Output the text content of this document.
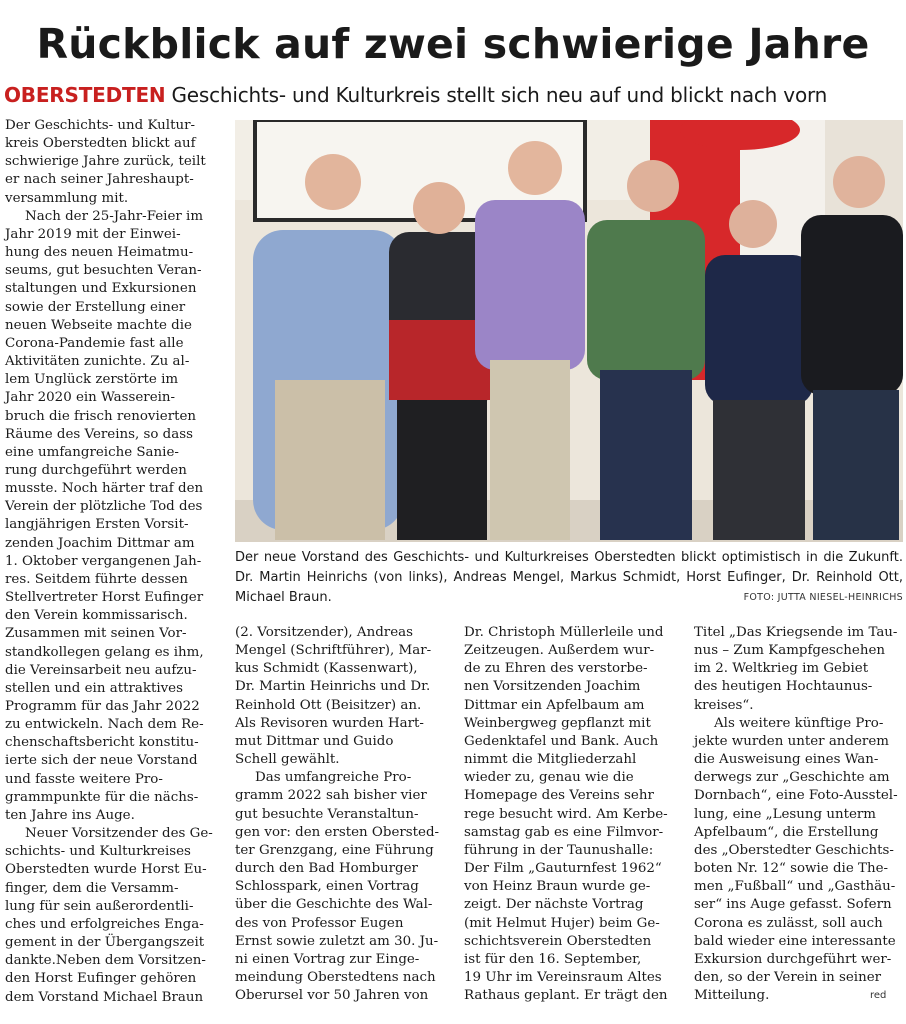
Rückblick auf zwei schwierige Jahre
OBERSTEDTEN Geschichts- und Kulturkreis stellt sich neu auf und blickt nach vorn

Der Geschichts- und Kultur-
kreis Oberstedten blickt auf
schwierige Jahre zurück, teilt
er nach seiner Jahreshaupt-
versammlung mit.

Nach der 25-Jahr-Feier im
Jahr 2019 mit der Einwei-
hung des neuen Heimatmu-
seums, gut besuchten Veran-
staltungen und Exkursionen
sowie der Erstellung einer
neuen Webseite machte die
Corona-Pandemie fast alle
Aktivitäten zunichte. Zu al-
lem Unglück zerstörte im
Jahr 2020 ein Wasserein-
bruch die frisch renovierten
Räume des Vereins, so dass
eine umfangreiche Sanie-
rung durchgeführt werden
musste. Noch härter traf den
Verein der plötzliche Tod des
langjährigen Ersten Vorsit-
zenden Joachim Dittmar am
1. Oktober vergangenen Jah-
res. Seitdem führte dessen
Stellvertreter Horst Eufinger
den Verein kommissarisch.
Zusammen mit seinen Vor-
standkollegen gelang es ihm,
die Vereinsarbeit neu aufzu-
stellen und ein attraktives
Programm für das Jahr 2022
zu entwickeln. Nach dem Re-
chenschaftsbericht konstitu-
ierte sich der neue Vorstand
und fasste weitere Pro-
grammpunkte für die nächs-
ten Jahre ins Auge.

Neuer Vorsitzender des Ge-
schichts- und Kulturkreises
Oberstedten wurde Horst Eu-
finger, dem die Versamm-
lung für sein außerordentli-
ches und erfolgreiches Enga-
gement in der Übergangszeit
dankte.Neben dem Vorsitzen-
den Horst Eufinger gehören
dem Vorstand Michael Braun

Der neue Vorstand des Geschichts- und Kulturkreises Oberstedten blickt optimistisch in die Zukunft. Dr. Martin Heinrichs (von links), Andreas Mengel, Markus Schmidt, Horst Eufinger, Dr. Reinhold Ott, Michael Braun.	FOTO: JUTTA NIESEL-HEINRICHS

(2. Vorsitzender), Andreas
Mengel (Schriftführer), Mar-
kus Schmidt (Kassenwart),
Dr. Martin Heinrichs und Dr.
Reinhold Ott (Beisitzer) an.
Als Revisoren wurden Hart-
mut Dittmar und Guido
Schell gewählt.

Das umfangreiche Pro-
gramm 2022 sah bisher vier
gut besuchte Veranstaltun-
gen vor: den ersten Obersted-
ter Grenzgang, eine Führung
durch den Bad Homburger
Schlosspark, einen Vortrag
über die Geschichte des Wal-
des von Professor Eugen
Ernst sowie zuletzt am 30. Ju-
ni einen Vortrag zur Einge-
meindung Oberstedtens nach
Oberursel vor 50 Jahren von

Dr. Christoph Müllerleile und
Zeitzeugen. Außerdem wur-
de zu Ehren des verstorbe-
nen Vorsitzenden Joachim
Dittmar ein Apfelbaum am
Weinbergweg gepflanzt mit
Gedenktafel und Bank. Auch
nimmt die Mitgliederzahl
wieder zu, genau wie die
Homepage des Vereins sehr
rege besucht wird. Am Kerbe-
samstag gab es eine Filmvor-
führung in der Taunushalle:
Der Film „Gauturnfest 1962“
von Heinz Braun wurde ge-
zeigt. Der nächste Vortrag
(mit Helmut Hujer) beim Ge-
schichtsverein Oberstedten
ist für den 16. September,
19 Uhr im Vereinsraum Altes
Rathaus geplant. Er trägt den

Titel „Das Kriegsende im Tau-
nus – Zum Kampfgeschehen
im 2. Weltkrieg im Gebiet
des heutigen Hochtaunus-
kreises“.

Als weitere künftige Pro-
jekte wurden unter anderem
die Ausweisung eines Wan-
derwegs zur „Geschichte am
Dornbach“, eine Foto-Ausstel-
lung, eine „Lesung unterm
Apfelbaum“, die Erstellung
des „Oberstedter Geschichts-
boten Nr. 12“ sowie die The-
men „Fußball“ und „Gasthäu-
ser“ ins Auge gefasst. Sofern
Corona es zulässt, soll auch
bald wieder eine interessante
Exkursion durchgeführt wer-
den, so der Verein in seiner
Mitteilung.	red
